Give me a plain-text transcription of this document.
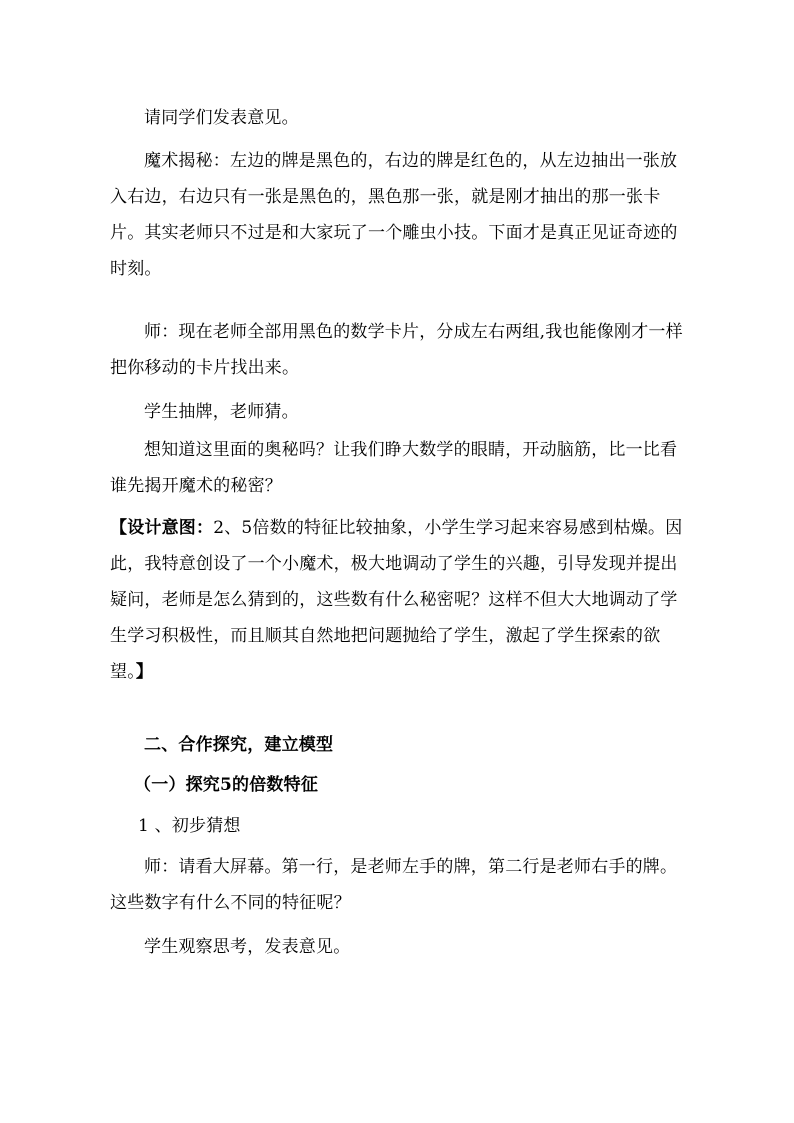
请同学们发表意见。
魔术揭秘：左边的牌是黑色的，右边的牌是红色的，从左边抽出一张放入右边，右边只有一张是黑色的，黑色那一张，就是刚才抽出的那一张卡片。其实老师只不过是和大家玩了一个雕虫小技。下面才是真正见证奇迹的时刻。
师：现在老师全部用黑色的数学卡片，分成左右两组,我也能像刚才一样把你移动的卡片找出来。
学生抽牌，老师猜。
想知道这里面的奥秘吗？让我们睁大数学的眼睛，开动脑筋，比一比看谁先揭开魔术的秘密？
【设计意图：2、5倍数的特征比较抽象，小学生学习起来容易感到枯燥。因此，我特意创设了一个小魔术，极大地调动了学生的兴趣，引导发现并提出疑问，老师是怎么猜到的，这些数有什么秘密呢？这样不但大大地调动了学生学习积极性，而且顺其自然地把问题抛给了学生，激起了学生探索的欲望。】
二、合作探究，建立模型
（一）探究5的倍数特征
1 、初步猜想
师：请看大屏幕。第一行，是老师左手的牌，第二行是老师右手的牌。这些数字有什么不同的特征呢？
学生观察思考，发表意见。
